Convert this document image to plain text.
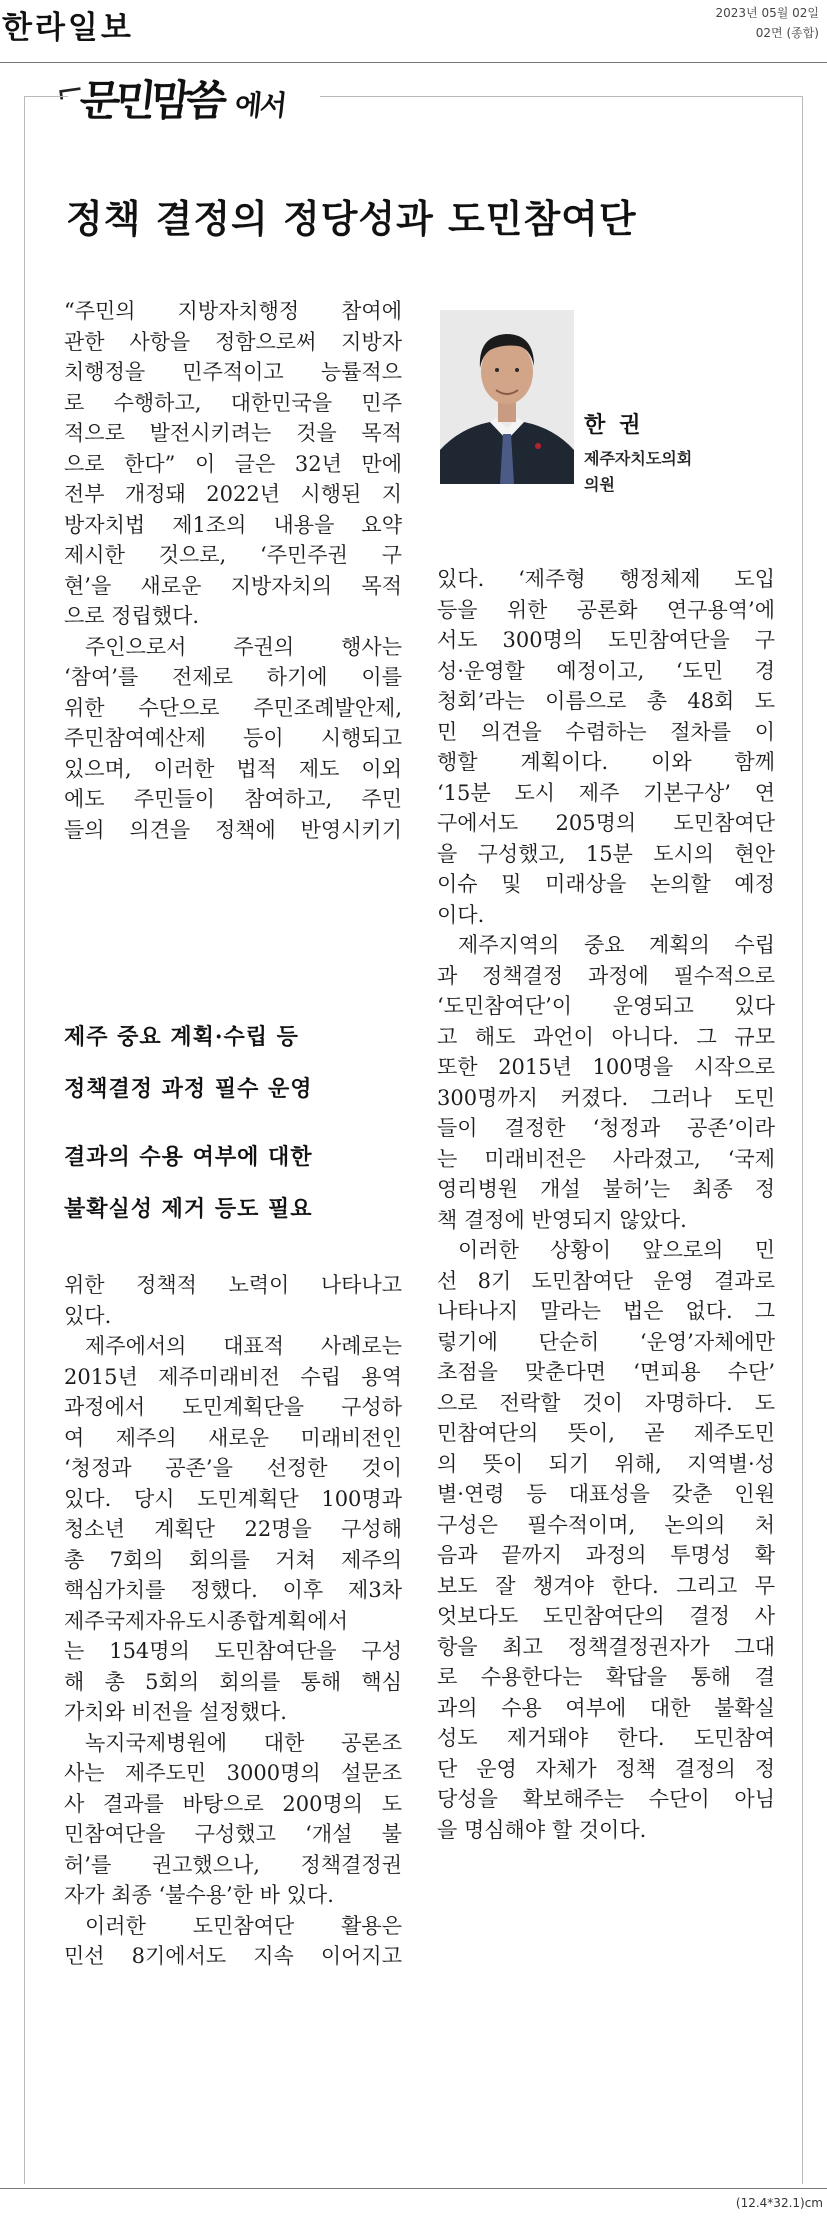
한라일보	2023년 05월 02일
02면 (종합)
⌐
문민맘씀 에서
정책 결정의 정당성과 도민참여단
한권
제주자치도의회
의원
“주민의 지방자치행정 참여에
관한 사항을 정함으로써 지방자
치행정을 민주적이고 능률적으
로 수행하고, 대한민국을 민주
적으로 발전시키려는 것을 목적
으로 한다” 이 글은 32년 만에
전부 개정돼 2022년 시행된 지
방자치법 제1조의 내용을 요약
제시한 것으로, ‘주민주권 구
현’을 새로운 지방자치의 목적
으로 정립했다.
주인으로서 주권의 행사는
‘참여’를 전제로 하기에 이를
위한 수단으로 주민조례발안제,
주민참여예산제 등이 시행되고
있으며, 이러한 법적 제도 이외
에도 주민들이 참여하고, 주민
들의 의견을 정책에 반영시키기
제주 중요 계획·수립 등
정책결정 과정 필수 운영
결과의 수용 여부에 대한
불확실성 제거 등도 필요
위한 정책적 노력이 나타나고
있다.
제주에서의 대표적 사례로는
2015년 제주미래비전 수립 용역
과정에서 도민계획단을 구성하
여 제주의 새로운 미래비전인
‘청정과 공존’을 선정한 것이
있다. 당시 도민계획단 100명과
청소년 계획단 22명을 구성해
총 7회의 회의를 거쳐 제주의
핵심가치를 정했다. 이후 제3차
제주국제자유도시종합계획에서
는 154명의 도민참여단을 구성
해 총 5회의 회의를 통해 핵심
가치와 비전을 설정했다.
녹지국제병원에 대한 공론조
사는 제주도민 3000명의 설문조
사 결과를 바탕으로 200명의 도
민참여단을 구성했고 ‘개설 불
허’를 권고했으나, 정책결정권
자가 최종 ‘불수용’한 바 있다.
이러한 도민참여단 활용은
민선 8기에서도 지속 이어지고
있다. ‘제주형 행정체제 도입
등을 위한 공론화 연구용역’에
서도 300명의 도민참여단을 구
성·운영할 예정이고, ‘도민 경
청회’라는 이름으로 총 48회 도
민 의견을 수렴하는 절차를 이
행할 계획이다. 이와 함께
‘15분 도시 제주 기본구상’ 연
구에서도 205명의 도민참여단
을 구성했고, 15분 도시의 현안
이슈 및 미래상을 논의할 예정
이다.
제주지역의 중요 계획의 수립
과 정책결정 과정에 필수적으로
‘도민참여단’이 운영되고 있다
고 해도 과언이 아니다. 그 규모
또한 2015년 100명을 시작으로
300명까지 커졌다. 그러나 도민
들이 결정한 ‘청정과 공존’이라
는 미래비전은 사라졌고, ‘국제
영리병원 개설 불허’는 최종 정
책 결정에 반영되지 않았다.
이러한 상황이 앞으로의 민
선 8기 도민참여단 운영 결과로
나타나지 말라는 법은 없다. 그
렇기에 단순히 ‘운영’자체에만
초점을 맞춘다면 ‘면피용 수단’
으로 전락할 것이 자명하다. 도
민참여단의 뜻이, 곧 제주도민
의 뜻이 되기 위해, 지역별·성
별·연령 등 대표성을 갖춘 인원
구성은 필수적이며, 논의의 처
음과 끝까지 과정의 투명성 확
보도 잘 챙겨야 한다. 그리고 무
엇보다도 도민참여단의 결정 사
항을 최고 정책결정권자가 그대
로 수용한다는 확답을 통해 결
과의 수용 여부에 대한 불확실
성도 제거돼야 한다. 도민참여
단 운영 자체가 정책 결정의 정
당성을 확보해주는 수단이 아님
을 명심해야 할 것이다.
(12.4*32.1)cm
